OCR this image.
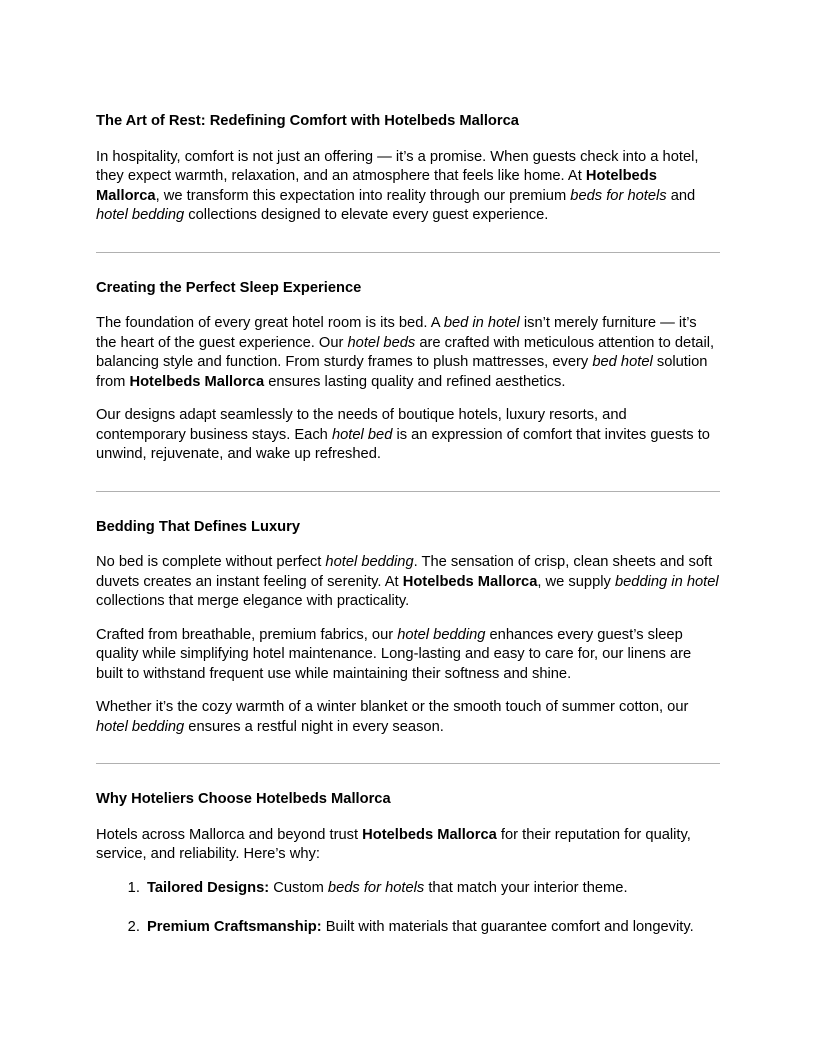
The Art of Rest: Redefining Comfort with Hotelbeds Mallorca

In hospitality, comfort is not just an offering — it’s a promise. When guests check into a hotel, they expect warmth, relaxation, and an atmosphere that feels like home. At Hotelbeds Mallorca, we transform this expectation into reality through our premium beds for hotels and hotel bedding collections designed to elevate every guest experience.

Creating the Perfect Sleep Experience

The foundation of every great hotel room is its bed. A bed in hotel isn’t merely furniture — it’s the heart of the guest experience. Our hotel beds are crafted with meticulous attention to detail, balancing style and function. From sturdy frames to plush mattresses, every bed hotel solution from Hotelbeds Mallorca ensures lasting quality and refined aesthetics.

Our designs adapt seamlessly to the needs of boutique hotels, luxury resorts, and contemporary business stays. Each hotel bed is an expression of comfort that invites guests to unwind, rejuvenate, and wake up refreshed.

Bedding That Defines Luxury

No bed is complete without perfect hotel bedding. The sensation of crisp, clean sheets and soft duvets creates an instant feeling of serenity. At Hotelbeds Mallorca, we supply bedding in hotel collections that merge elegance with practicality.

Crafted from breathable, premium fabrics, our hotel bedding enhances every guest’s sleep quality while simplifying hotel maintenance. Long-lasting and easy to care for, our linens are built to withstand frequent use while maintaining their softness and shine.

Whether it’s the cozy warmth of a winter blanket or the smooth touch of summer cotton, our hotel bedding ensures a restful night in every season.

Why Hoteliers Choose Hotelbeds Mallorca

Hotels across Mallorca and beyond trust Hotelbeds Mallorca for their reputation for quality, service, and reliability. Here’s why:

1. Tailored Designs: Custom beds for hotels that match your interior theme.
2. Premium Craftsmanship: Built with materials that guarantee comfort and longevity.
